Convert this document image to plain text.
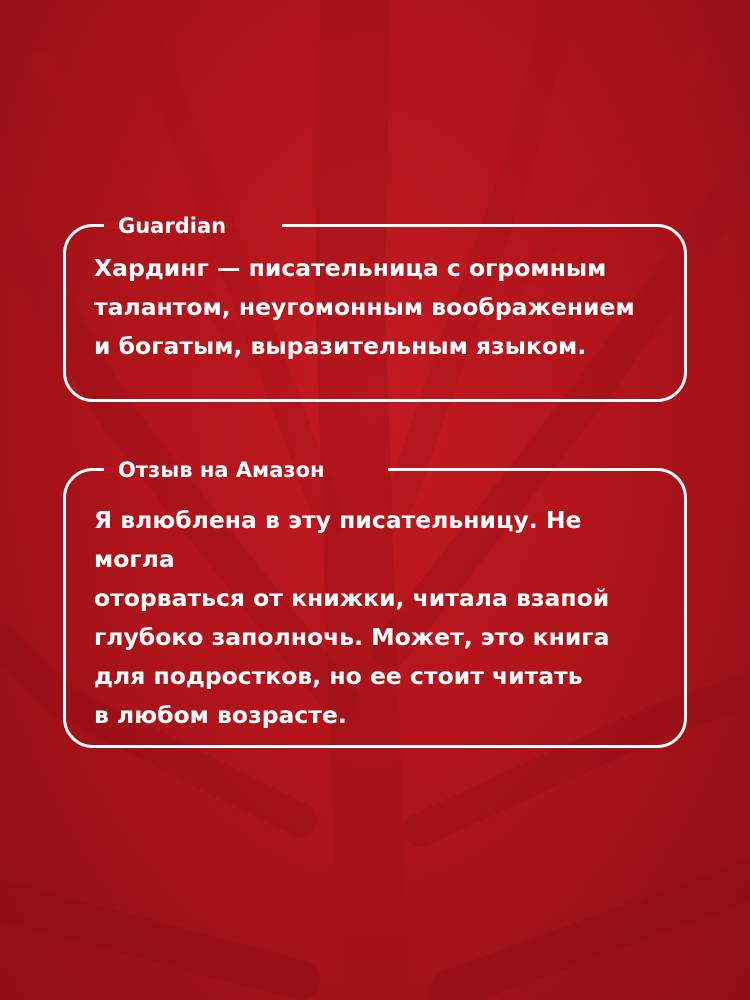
Guardian

Хардинг — писательница с огромным
талантом, неугомонным воображением
и богатым, выразительным языком.

Отзыв на Амазон

Я влюблена в эту писательницу. Не могла
оторваться от книжки, читала взапой
глубоко заполночь. Может, это книга
для подростков, но ее стоит читать
в любом возрасте.
